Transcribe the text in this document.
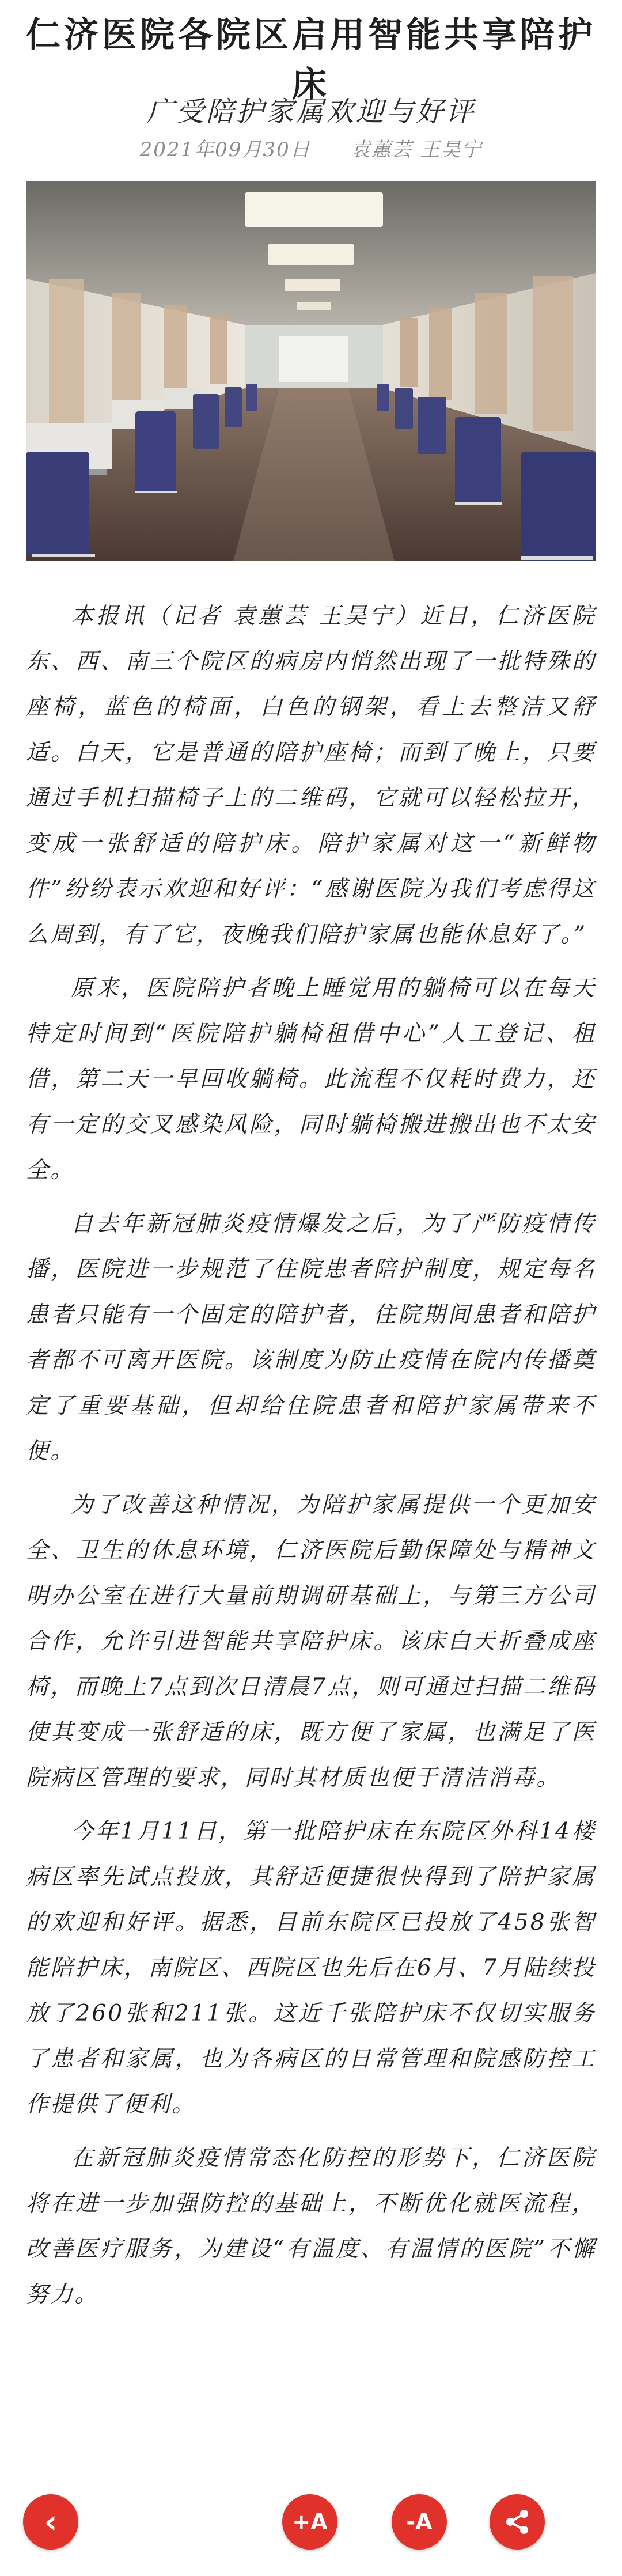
仁济医院各院区启用智能共享陪护床
广受陪护家属欢迎与好评
2021年09月30日 袁蕙芸 王昊宁

本报讯（记者 袁蕙芸 王昊宁）近日，仁济医院东、西、南三个院区的病房内悄然出现了一批特殊的座椅，蓝色的椅面，白色的钢架，看上去整洁又舒适。白天，它是普通的陪护座椅；而到了晚上，只要通过手机扫描椅子上的二维码，它就可以轻松拉开，变成一张舒适的陪护床。陪护家属对这一“新鲜物件”纷纷表示欢迎和好评：“感谢医院为我们考虑得这么周到，有了它，夜晚我们陪护家属也能休息好了。”

原来，医院陪护者晚上睡觉用的躺椅可以在每天特定时间到“医院陪护躺椅租借中心”人工登记、租借，第二天一早回收躺椅。此流程不仅耗时费力，还有一定的交叉感染风险，同时躺椅搬进搬出也不太安全。

自去年新冠肺炎疫情爆发之后，为了严防疫情传播，医院进一步规范了住院患者陪护制度，规定每名患者只能有一个固定的陪护者，住院期间患者和陪护者都不可离开医院。该制度为防止疫情在院内传播奠定了重要基础，但却给住院患者和陪护家属带来不便。

为了改善这种情况，为陪护家属提供一个更加安全、卫生的休息环境，仁济医院后勤保障处与精神文明办公室在进行大量前期调研基础上，与第三方公司合作，允许引进智能共享陪护床。该床白天折叠成座椅，而晚上7点到次日清晨7点，则可通过扫描二维码使其变成一张舒适的床，既方便了家属，也满足了医院病区管理的要求，同时其材质也便于清洁消毒。

今年1月11日，第一批陪护床在东院区外科14楼病区率先试点投放，其舒适便捷很快得到了陪护家属的欢迎和好评。据悉，目前东院区已投放了458张智能陪护床，南院区、西院区也先后在6月、7月陆续投放了260张和211张。这近千张陪护床不仅切实服务了患者和家属，也为各病区的日常管理和院感防控工作提供了便利。

在新冠肺炎疫情常态化防控的形势下，仁济医院将在进一步加强防控的基础上，不断优化就医流程，改善医疗服务，为建设“有温度、有温情的医院”不懈努力。

‹	+A	-A
